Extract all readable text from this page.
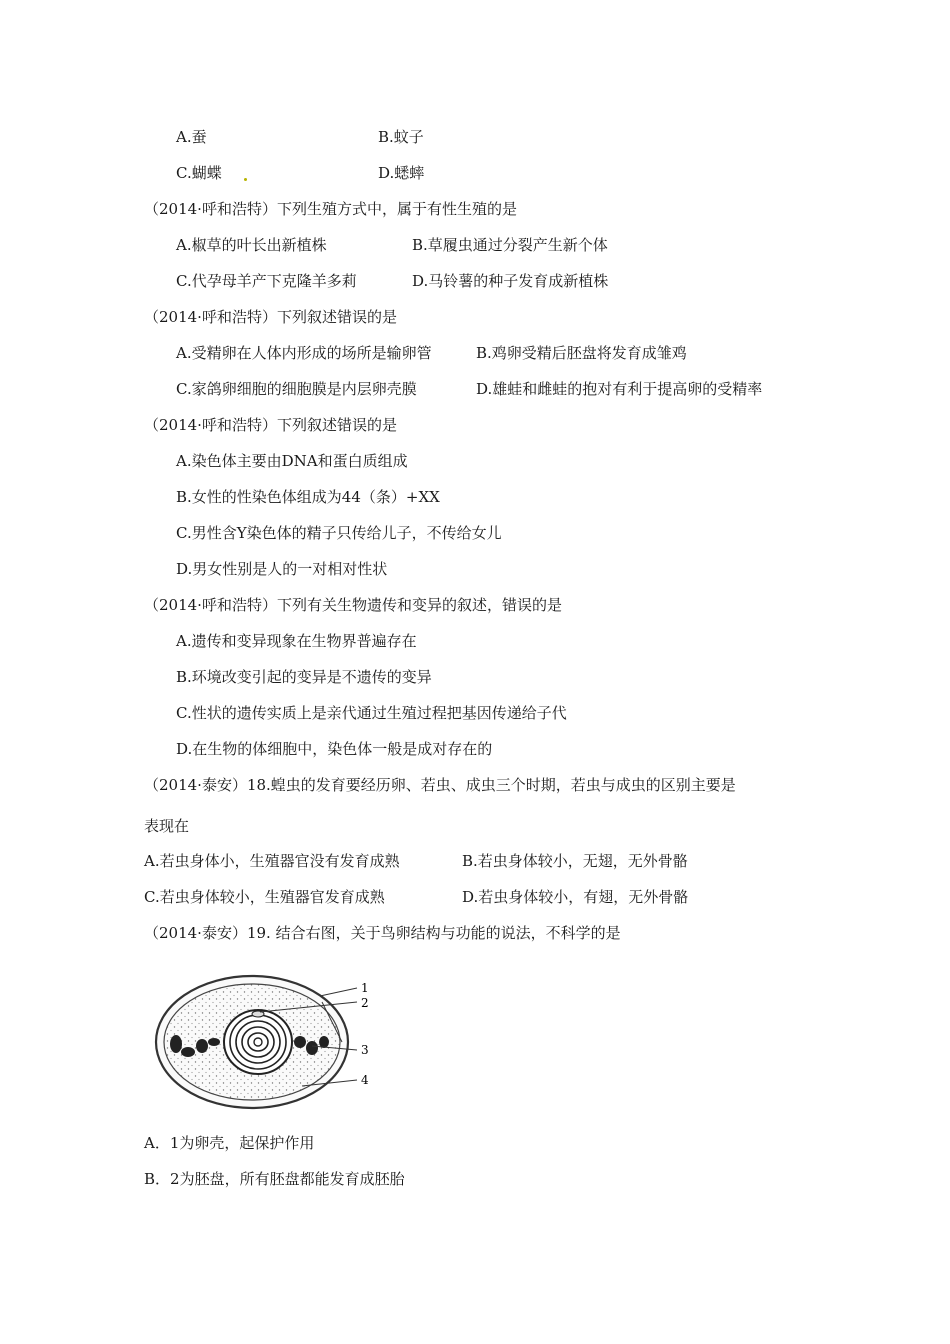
A.蚕	B.蚊子
C.蝴蝶	D.蟋蟀
（2014·呼和浩特）下列生殖方式中，属于有性生殖的是
A.椒草的叶长出新植株	B.草履虫通过分裂产生新个体
C.代孕母羊产下克隆羊多莉	D.马铃薯的种子发育成新植株
（2014·呼和浩特）下列叙述错误的是
A.受精卵在人体内形成的场所是输卵管	B.鸡卵受精后胚盘将发育成雏鸡
C.家鸽卵细胞的细胞膜是内层卵壳膜	D.雄蛙和雌蛙的抱对有利于提高卵的受精率
（2014·呼和浩特）下列叙述错误的是
A.染色体主要由DNA和蛋白质组成
B.女性的性染色体组成为44（条）+XX
C.男性含Y染色体的精子只传给儿子，不传给女儿
D.男女性别是人的一对相对性状
（2014·呼和浩特）下列有关生物遗传和变异的叙述，错误的是
A.遗传和变异现象在生物界普遍存在
B.环境改变引起的变异是不遗传的变异
C.性状的遗传实质上是亲代通过生殖过程把基因传递给子代
D.在生物的体细胞中，染色体一般是成对存在的
（2014·泰安）18.蝗虫的发育要经历卵、若虫、成虫三个时期，若虫与成虫的区别主要是
表现在
A.若虫身体小，生殖器官没有发育成熟	B.若虫身体较小，无翅，无外骨骼
C.若虫身体较小，生殖器官发育成熟	D.若虫身体较小，有翅，无外骨骼
（2014·泰安）19. 结合右图，关于鸟卵结构与功能的说法，不科学的是
1
2
3
4
A．1为卵壳，起保护作用
B．2为胚盘，所有胚盘都能发育成胚胎
